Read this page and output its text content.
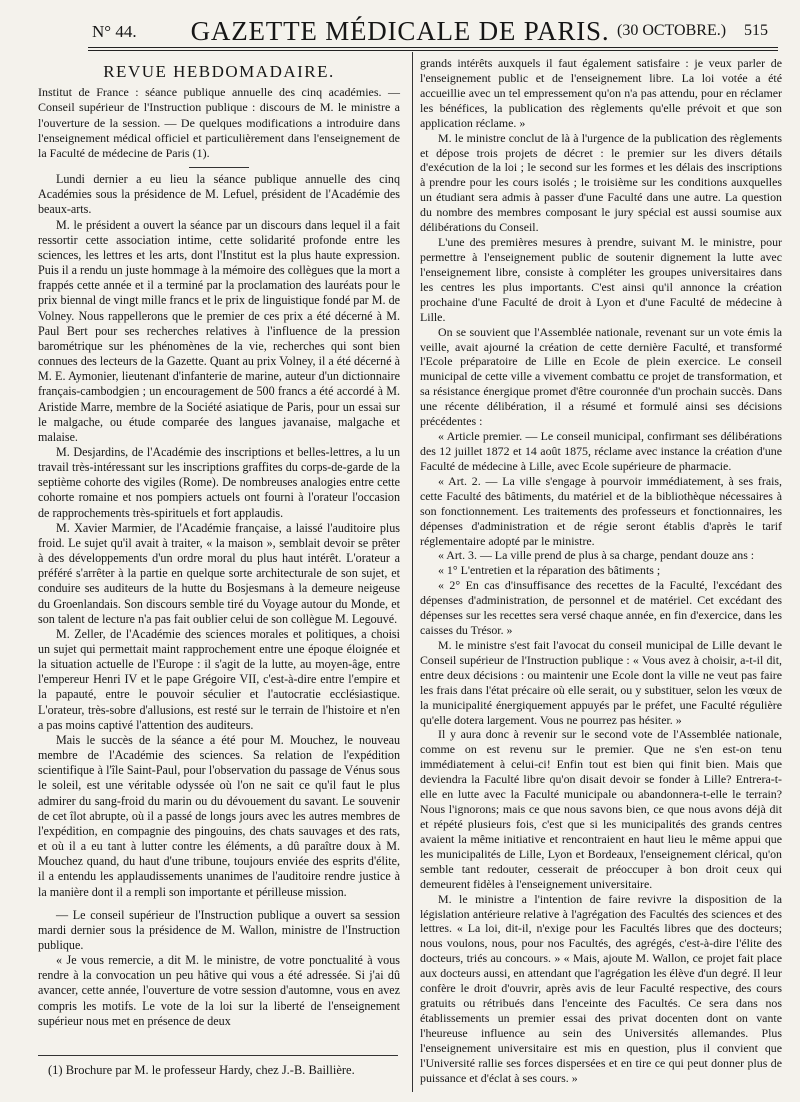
N° 44.	GAZETTE MÉDICALE DE PARIS. (30 OCTOBRE.) 515

REVUE HEBDOMADAIRE.

Institut de France : séance publique annuelle des cinq académies. — Conseil supérieur de l'Instruction publique : discours de M. le ministre a l'ouverture de la session. — De quelques modifications a introduire dans l'enseignement médical officiel et particulièrement dans l'enseignement de la Faculté de médecine de Paris (1).

Lundi dernier a eu lieu la séance publique annuelle des cinq Académies sous la présidence de M. Lefuel, président de l'Académie des beaux-arts.

M. le président a ouvert la séance par un discours dans lequel il a fait ressortir cette association intime, cette solidarité profonde entre les sciences, les lettres et les arts, dont l'Institut est la plus haute expression. Puis il a rendu un juste hommage à la mémoire des collègues que la mort a frappés cette année et il a terminé par la proclamation des lauréats pour le prix biennal de vingt mille francs et le prix de linguistique fondé par M. de Volney. Nous rappellerons que le premier de ces prix a été décerné à M. Paul Bert pour ses recherches relatives à l'influence de la pression barométrique sur les phénomènes de la vie, recherches qui sont bien connues des lecteurs de la Gazette. Quant au prix Volney, il a été décerné à M. E. Aymonier, lieutenant d'infanterie de marine, auteur d'un dictionnaire français-cambodgien ; un encouragement de 500 francs a été accordé à M. Aristide Marre, membre de la Société asiatique de Paris, pour un essai sur le malgache, ou étude comparée des langues javanaise, malgache et malaise.

M. Desjardins, de l'Académie des inscriptions et belles-lettres, a lu un travail très-intéressant sur les inscriptions graffites du corps-de-garde de la septième cohorte des vigiles (Rome). De nombreuses analogies entre cette cohorte romaine et nos pompiers actuels ont fourni à l'orateur l'occasion de rapprochements très-spirituels et fort applaudis.

M. Xavier Marmier, de l'Académie française, a laissé l'auditoire plus froid. Le sujet qu'il avait à traiter, « la maison », semblait devoir se prêter à des développements d'un ordre moral du plus haut intérêt. L'orateur a préféré s'arrêter à la partie en quelque sorte architecturale de son sujet, et conduire ses auditeurs de la hutte du Bosjesmans à la demeure neigeuse du Groenlandais. Son discours semble tiré du Voyage autour du Monde, et son talent de lecture n'a pas fait oublier celui de son collègue M. Legouvé.

M. Zeller, de l'Académie des sciences morales et politiques, a choisi un sujet qui permettait maint rapprochement entre une époque éloignée et la situation actuelle de l'Europe : il s'agit de la lutte, au moyen-âge, entre l'empereur Henri IV et le pape Grégoire VII, c'est-à-dire entre l'empire et la papauté, entre le pouvoir séculier et l'autocratie ecclésiastique. L'orateur, très-sobre d'allusions, est resté sur le terrain de l'histoire et n'en a pas moins captivé l'attention des auditeurs.

Mais le succès de la séance a été pour M. Mouchez, le nouveau membre de l'Académie des sciences. Sa relation de l'expédition scientifique à l'île Saint-Paul, pour l'observation du passage de Vénus sous le soleil, est une véritable odyssée où l'on ne sait ce qu'il faut le plus admirer du sang-froid du marin ou du dévouement du savant. Le souvenir de cet îlot abrupte, où il a passé de longs jours avec les autres membres de l'expédition, en compagnie des pingouins, des chats sauvages et des rats, et où il a eu tant à lutter contre les éléments, a dû paraître doux à M. Mouchez quand, du haut d'une tribune, toujours enviée des esprits d'élite, il a entendu les applaudissements unanimes de l'auditoire rendre justice à la manière dont il a rempli son importante et périlleuse mission.

— Le conseil supérieur de l'Instruction publique a ouvert sa session mardi dernier sous la présidence de M. Wallon, ministre de l'Instruction publique.

« Je vous remercie, a dit M. le ministre, de votre ponctualité à vous rendre à la convocation un peu hâtive qui vous a été adressée. Si j'ai dû avancer, cette année, l'ouverture de votre session d'automne, vous en avez compris les motifs. Le vote de la loi sur la liberté de l'enseignement supérieur nous met en présence de deux

(1) Brochure par M. le professeur Hardy, chez J.-B. Baillière.

grands intérêts auxquels il faut également satisfaire : je veux parler de l'enseignement public et de l'enseignement libre. La loi votée a été accueillie avec un tel empressement qu'on n'a pas attendu, pour en réclamer les bénéfices, la publication des règlements qu'elle prévoit et que son application réclame. »

M. le ministre conclut de là à l'urgence de la publication des règlements et dépose trois projets de décret : le premier sur les divers détails d'exécution de la loi ; le second sur les formes et les délais des inscriptions à prendre pour les cours isolés ; le troisième sur les conditions auxquelles un étudiant sera admis à passer d'une Faculté dans une autre. La question du nombre des membres composant le jury spécial est aussi soumise aux délibérations du Conseil.

L'une des premières mesures à prendre, suivant M. le ministre, pour permettre à l'enseignement public de soutenir dignement la lutte avec l'enseignement libre, consiste à compléter les groupes universitaires dans les centres les plus importants. C'est ainsi qu'il annonce la création prochaine d'une Faculté de droit à Lyon et d'une Faculté de médecine à Lille.

On se souvient que l'Assemblée nationale, revenant sur un vote émis la veille, avait ajourné la création de cette dernière Faculté, et transformé l'Ecole préparatoire de Lille en Ecole de plein exercice. Le conseil municipal de cette ville a vivement combattu ce projet de transformation, et sa résistance énergique promet d'être couronnée d'un prochain succès. Dans une récente délibération, il a résumé et formulé ainsi ses décisions précédentes :

« Article premier. — Le conseil municipal, confirmant ses délibérations des 12 juillet 1872 et 14 août 1875, réclame avec instance la création d'une Faculté de médecine à Lille, avec Ecole supérieure de pharmacie.

« Art. 2. — La ville s'engage à pourvoir immédiatement, à ses frais, cette Faculté des bâtiments, du matériel et de la bibliothèque nécessaires à son fonctionnement. Les traitements des professeurs et fonctionnaires, les dépenses d'administration et de régie seront établis d'après le tarif réglementaire adopté par le ministre.

« Art. 3. — La ville prend de plus à sa charge, pendant douze ans :

« 1° L'entretien et la réparation des bâtiments ;

« 2° En cas d'insuffisance des recettes de la Faculté, l'excédant des dépenses d'administration, de personnel et de matériel. Cet excédant des dépenses sur les recettes sera versé chaque année, en fin d'exercice, dans les caisses du Trésor. »

M. le ministre s'est fait l'avocat du conseil municipal de Lille devant le Conseil supérieur de l'Instruction publique : « Vous avez à choisir, a-t-il dit, entre deux décisions : ou maintenir une Ecole dont la ville ne veut pas faire les frais dans l'état précaire où elle serait, ou y substituer, selon les vœux de la municipalité énergiquement appuyés par le préfet, une Faculté régulière qu'elle dotera largement. Vous ne pourrez pas hésiter. »

Il y aura donc à revenir sur le second vote de l'Assemblée nationale, comme on est revenu sur le premier. Que ne s'en est-on tenu immédiatement à celui-ci! Enfin tout est bien qui finit bien. Mais que deviendra la Faculté libre qu'on disait devoir se fonder à Lille? Entrera-t-elle en lutte avec la Faculté municipale ou abandonnera-t-elle le terrain? Nous l'ignorons; mais ce que nous savons bien, ce que nous avons déjà dit et répété plusieurs fois, c'est que si les municipalités des grands centres avaient la même initiative et rencontraient en haut lieu le même appui que les municipalités de Lille, Lyon et Bordeaux, l'enseignement clérical, qu'on semble tant redouter, cesserait de préoccuper à bon droit ceux qui demeurent fidèles à l'enseignement universitaire.

M. le ministre a l'intention de faire revivre la disposition de la législation antérieure relative à l'agrégation des Facultés des sciences et des lettres. « La loi, dit-il, n'exige pour les Facultés libres que des docteurs; nous voulons, nous, pour nos Facultés, des agrégés, c'est-à-dire l'élite des docteurs, triés au concours. » « Mais, ajoute M. Wallon, ce projet fait place aux docteurs aussi, en attendant que l'agrégation les élève d'un degré. Il leur confère le droit d'ouvrir, après avis de leur Faculté respective, des cours gratuits ou rétribués dans l'enceinte des Facultés. Ce sera dans nos établissements un premier essai des privat docenten dont on vante l'heureuse influence au sein des Universités allemandes. Plus l'enseignement universitaire est mis en question, plus il convient que l'Université rallie ses forces dispersées et en tire ce qui peut donner plus de puissance et d'éclat à ses cours. »
